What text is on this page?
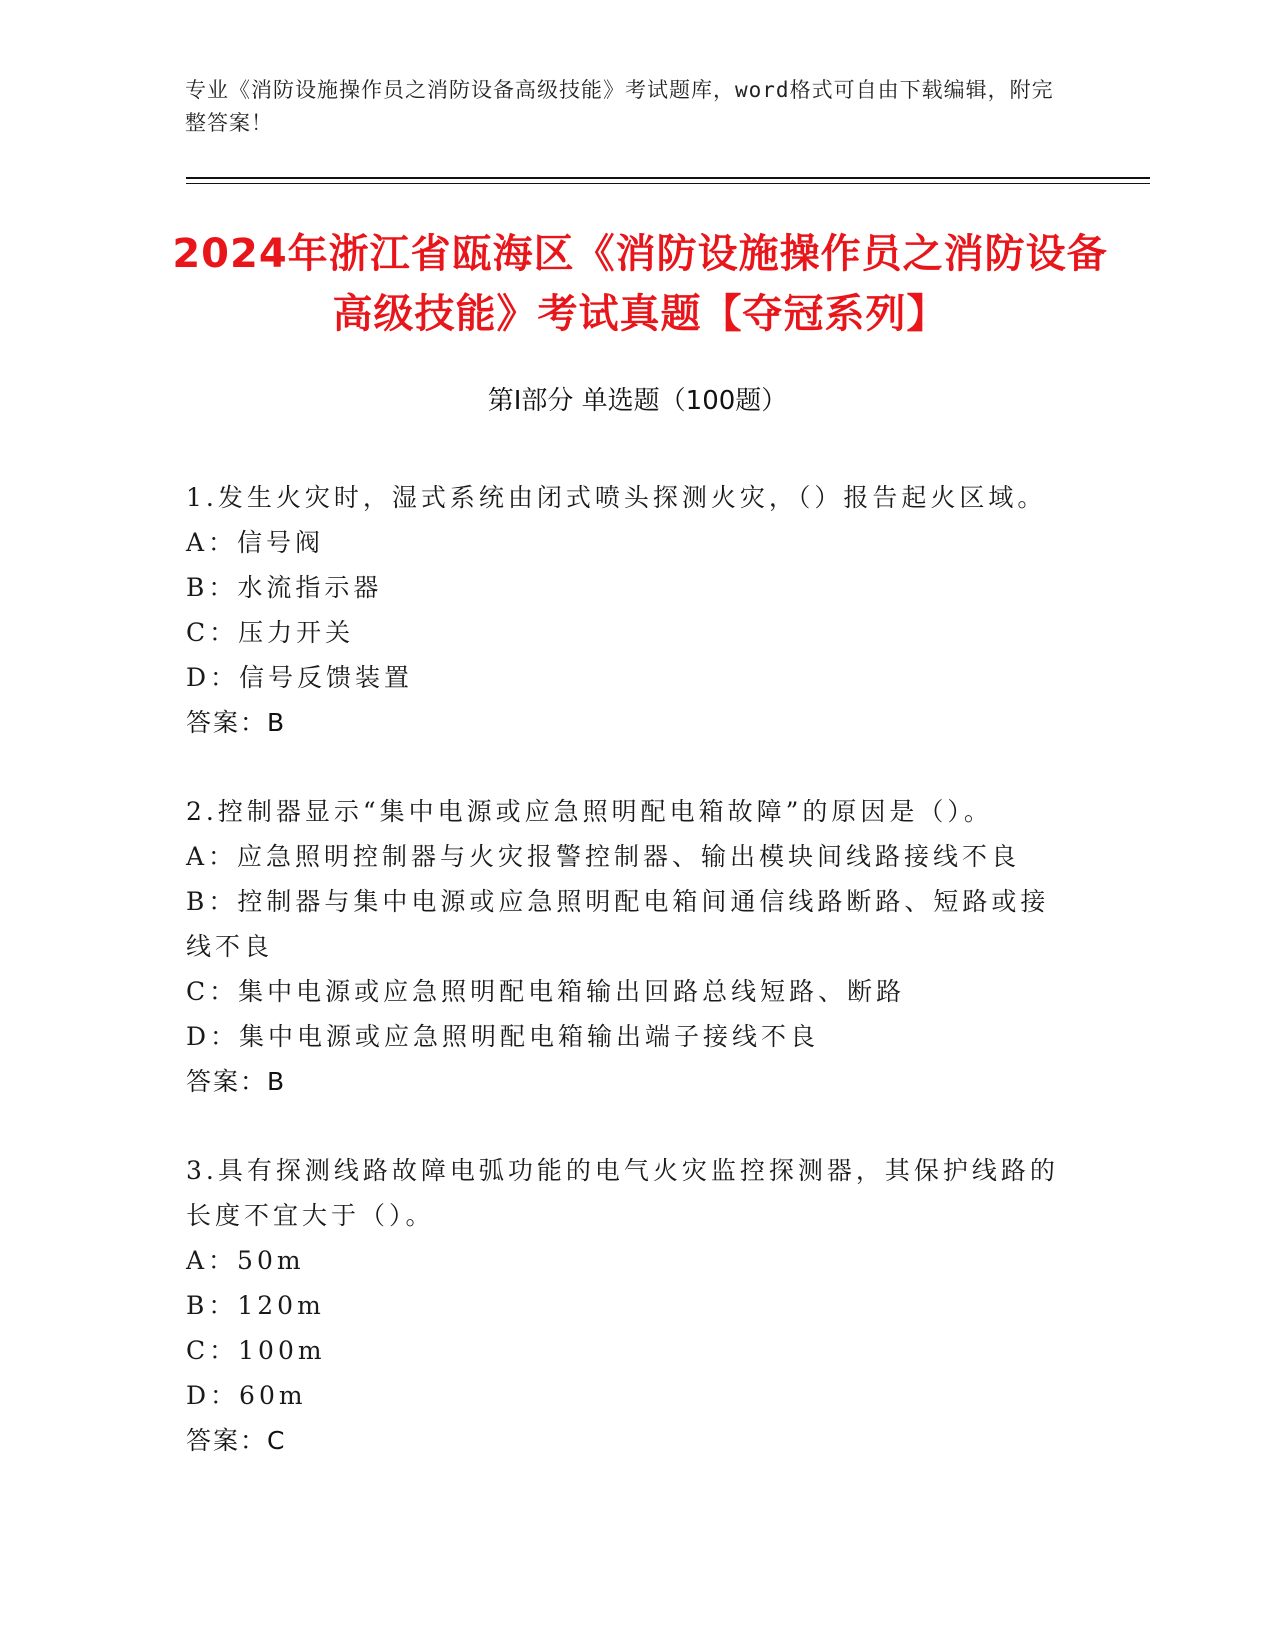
专业《消防设施操作员之消防设备高级技能》考试题库，word格式可自由下载编辑，附完整答案！
2024年浙江省瓯海区《消防设施操作员之消防设备高级技能》考试真题【夺冠系列】
第Ⅰ部分 单选题（100题）
1.发生火灾时，湿式系统由闭式喷头探测火灾，（）报告起火区域。
A：信号阀
B：水流指示器
C：压力开关
D：信号反馈装置
答案：B
2.控制器显示“集中电源或应急照明配电箱故障”的原因是（）。
A：应急照明控制器与火灾报警控制器、输出模块间线路接线不良
B：控制器与集中电源或应急照明配电箱间通信线路断路、短路或接线不良
C：集中电源或应急照明配电箱输出回路总线短路、断路
D：集中电源或应急照明配电箱输出端子接线不良
答案：B
3.具有探测线路故障电弧功能的电气火灾监控探测器，其保护线路的长度不宜大于（）。
A：50m
B：120m
C：100m
D：60m
答案：C
